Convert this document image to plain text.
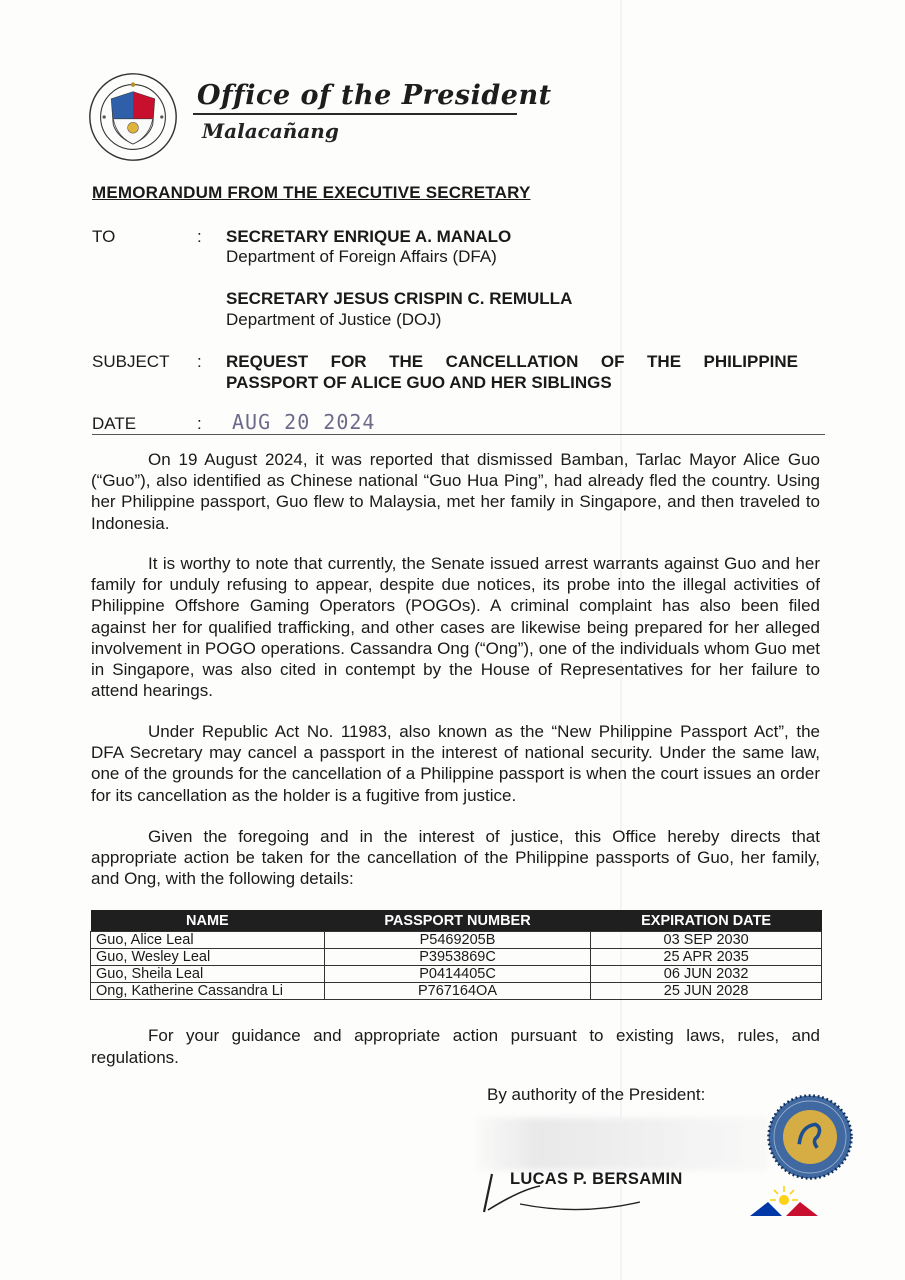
Office of the President
Malacañang
MEMORANDUM FROM THE EXECUTIVE SECRETARY
TO	: SECRETARY ENRIQUE A. MANALO
Department of Foreign Affairs (DFA)
SECRETARY JESUS CRISPIN C. REMULLA
Department of Justice (DOJ)
SUBJECT : REQUEST FOR THE CANCELLATION OF THE PHILIPPINE
PASSPORT OF ALICE GUO AND HER SIBLINGS
DATE	: AUG 20 2024
On 19 August 2024, it was reported that dismissed Bamban, Tarlac Mayor Alice Guo (“Guo”), also identified as Chinese national “Guo Hua Ping”, had already fled the country. Using her Philippine passport, Guo flew to Malaysia, met her family in Singapore, and then traveled to Indonesia.
It is worthy to note that currently, the Senate issued arrest warrants against Guo and her family for unduly refusing to appear, despite due notices, its probe into the illegal activities of Philippine Offshore Gaming Operators (POGOs). A criminal complaint has also been filed against her for qualified trafficking, and other cases are likewise being prepared for her alleged involvement in POGO operations. Cassandra Ong (“Ong”), one of the individuals whom Guo met in Singapore, was also cited in contempt by the House of Representatives for her failure to attend hearings.
Under Republic Act No. 11983, also known as the “New Philippine Passport Act”, the DFA Secretary may cancel a passport in the interest of national security. Under the same law, one of the grounds for the cancellation of a Philippine passport is when the court issues an order for its cancellation as the holder is a fugitive from justice.
Given the foregoing and in the interest of justice, this Office hereby directs that appropriate action be taken for the cancellation of the Philippine passports of Guo, her family, and Ong, with the following details:
NAME	PASSPORT NUMBER	EXPIRATION DATE
Guo, Alice Leal	P5469205B	03 SEP 2030
Guo, Wesley Leal	P3953869C	25 APR 2035
Guo, Sheila Leal	P0414405C	06 JUN 2032
Ong, Katherine Cassandra Li	P767164OA	25 JUN 2028
For your guidance and appropriate action pursuant to existing laws, rules, and regulations.
By authority of the President:
LUCAS P. BERSAMIN
